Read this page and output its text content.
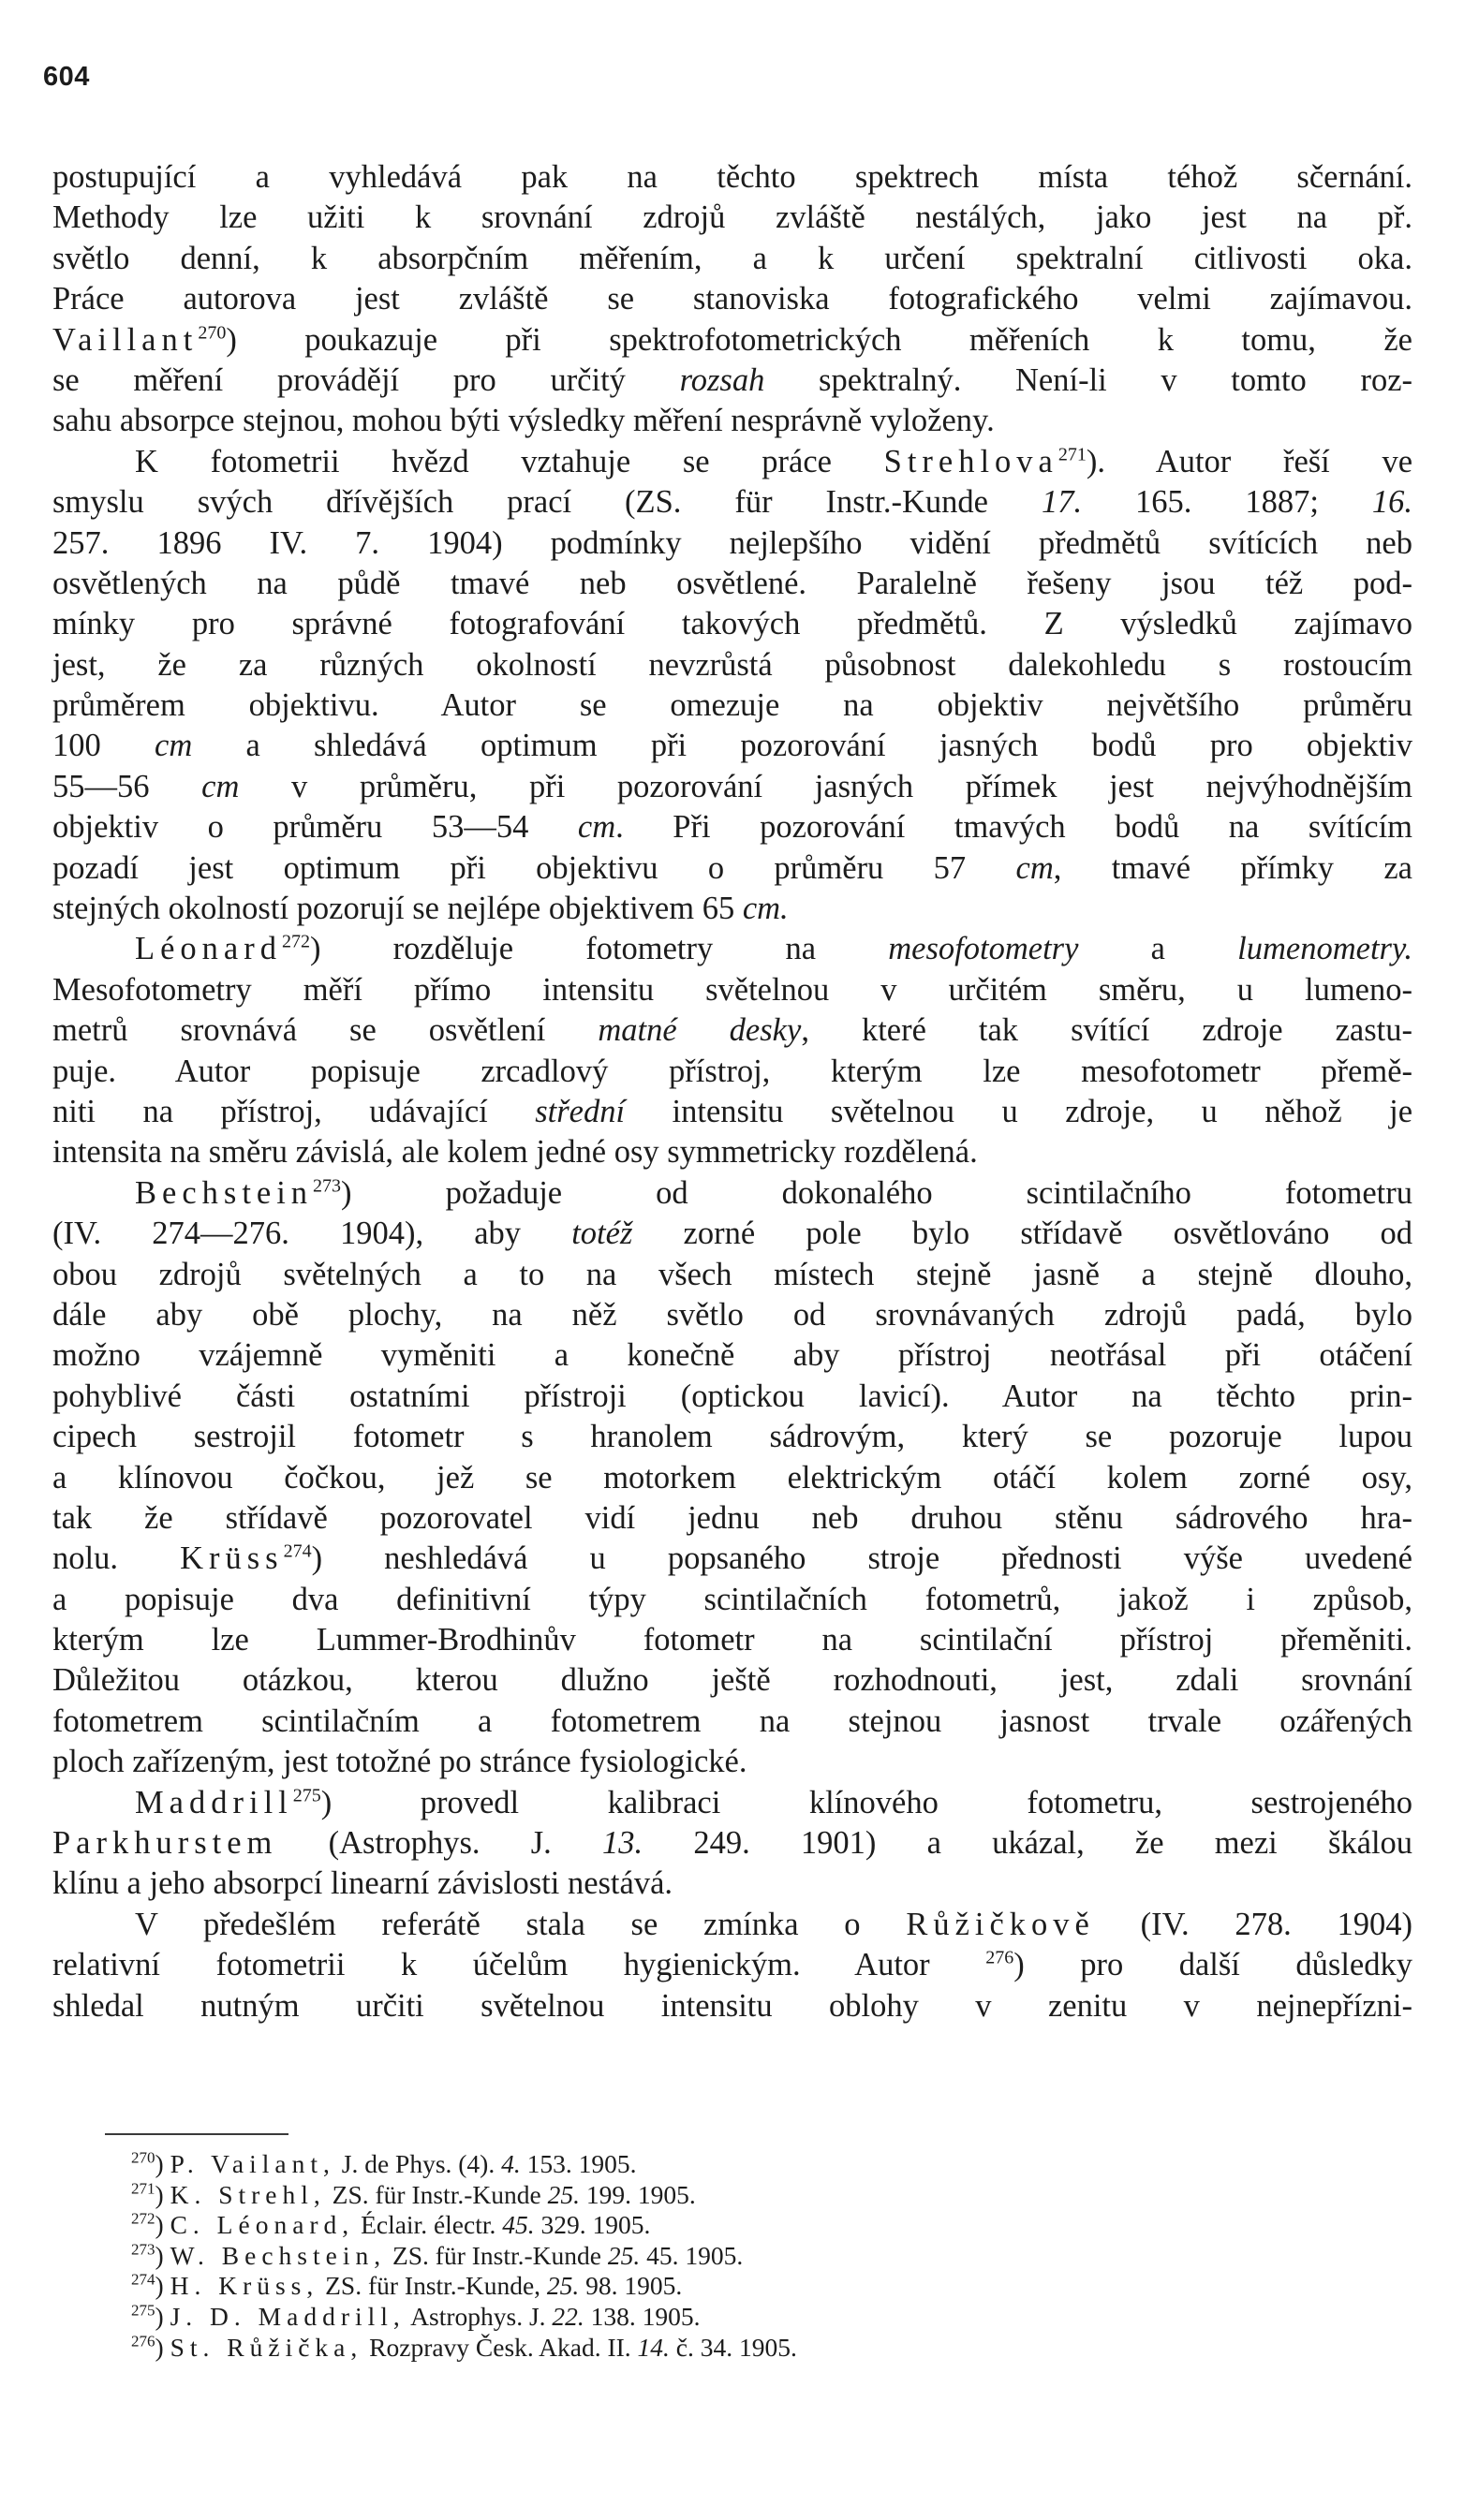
604
postupující a vyhledává pak na těchto spektrech místa téhož sčernání.
Methody lze užiti k srovnání zdrojů zvláště nestálých, jako jest na př.
světlo denní, k absorpčním měřením, a k určení spektralní citlivosti oka.
Práce autorova jest zvláště se stanoviska fotografického velmi zajímavou.
Vaillant$^{270}$) poukazuje při spektrofotometrických měřeních k tomu, že
se měření provádějí pro určitý rozsah spektralný. Není-li v tomto roz-
sahu absorpce stejnou, mohou býti výsledky měření nesprávně vyloženy.
K fotometrii hvězd vztahuje se práce Strehlova$^{271}$). Autor řeší ve
smyslu svých dřívějších prací (ZS. für Instr.-Kunde 17. 165. 1887; 16.
257. 1896 IV. 7. 1904) podmínky nejlepšího vidění předmětů svítících neb
osvětlených na půdě tmavé neb osvětlené. Paralelně řešeny jsou též pod-
mínky pro správné fotografování takových předmětů. Z výsledků zajímavo
jest, že za různých okolností nevzrůstá působnost dalekohledu s rostoucím
průměrem objektivu. Autor se omezuje na objektiv největšího průměru
100 cm a shledává optimum při pozorování jasných bodů pro objektiv
55—56 cm v průměru, při pozorování jasných přímek jest nejvýhodnějším
objektiv o průměru 53—54 cm. Při pozorování tmavých bodů na svítícím
pozadí jest optimum při objektivu o průměru 57 cm, tmavé přímky za
stejných okolností pozorují se nejlépe objektivem 65 cm.
Léonard$^{272}$) rozděluje fotometry na mesofotometry a lumenometry.
Mesofotometry měří přímo intensitu světelnou v určitém směru, u lumeno-
metrů srovnává se osvětlení matné desky, které tak svítící zdroje zastu-
puje. Autor popisuje zrcadlový přístroj, kterým lze mesofotometr přemě-
niti na přístroj, udávající střední intensitu světelnou u zdroje, u něhož je
intensita na směru závislá, ale kolem jedné osy symmetricky rozdělená.
Bechstein$^{273}$) požaduje od dokonalého scintilačního fotometru
(IV. 274—276. 1904), aby totéž zorné pole bylo střídavě osvětlováno od
obou zdrojů světelných a to na všech místech stejně jasně a stejně dlouho,
dále aby obě plochy, na něž světlo od srovnávaných zdrojů padá, bylo
možno vzájemně vyměniti a konečně aby přístroj neotřásal při otáčení
pohyblivé části ostatními přístroji (optickou lavicí). Autor na těchto prin-
cipech sestrojil fotometr s hranolem sádrovým, který se pozoruje lupou
a klínovou čočkou, jež se motorkem elektrickým otáčí kolem zorné osy,
tak že střídavě pozorovatel vidí jednu neb druhou stěnu sádrového hra-
nolu. Krüss$^{274}$) neshledává u popsaného stroje přednosti výše uvedené
a popisuje dva definitivní týpy scintilačních fotometrů, jakož i způsob,
kterým lze Lummer-Brodhinův fotometr na scintilační přístroj přeměniti.
Důležitou otázkou, kterou dlužno ještě rozhodnouti, jest, zdali srovnání
fotometrem scintilačním a fotometrem na stejnou jasnost trvale ozářených
ploch zařízeným, jest totožné po stránce fysiologické.
Maddrill$^{275}$) provedl kalibraci klínového fotometru, sestrojeného
Parkhurstem (Astrophys. J. 13. 249. 1901) a ukázal, že mezi škálou
klínu a jeho absorpcí linearní závislosti nestává.
V předešlém referátě stala se zmínka o Růžičkově (IV. 278. 1904)
relativní fotometrii k účelům hygienickým. Autor	$^{276}$) pro další důsledky
shledal nutným určiti světelnou intensitu oblohy v zenitu v nejnepřízni-
$^{270}$) P. Vailant, J. de Phys. (4). 4. 153. 1905.
$^{271}$) K. Strehl, ZS. für Instr.-Kunde 25. 199. 1905.
$^{272}$) C. Léonard, Éclair. électr. 45. 329. 1905.
$^{273}$) W. Bechstein, ZS. für Instr.-Kunde 25. 45. 1905.
$^{274}$) H. Krüss, ZS. für Instr.-Kunde, 25. 98. 1905.
$^{275}$) J. D. Maddrill, Astrophys. J. 22. 138. 1905.
$^{276}$) St. Růžička, Rozpravy Česk. Akad. II. 14. č. 34. 1905.
